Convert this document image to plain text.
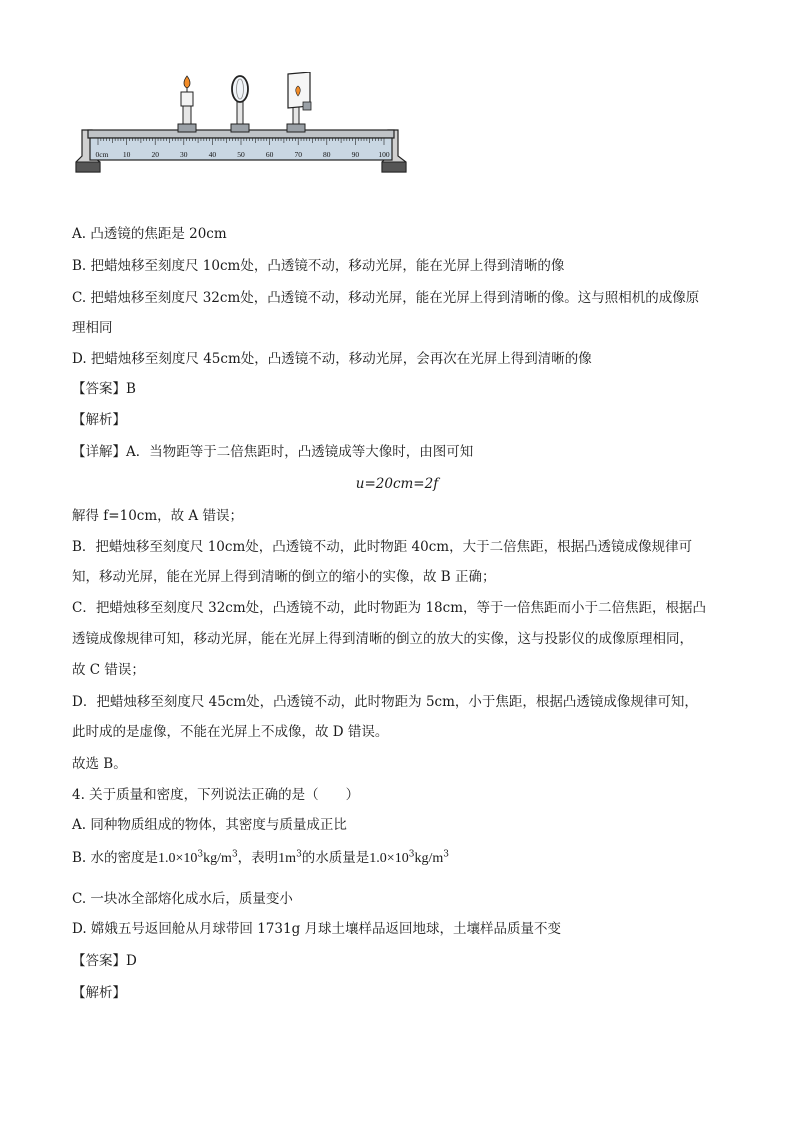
0cm 10	20	30	40	50	60	70	80	90	100
A. 凸透镜的焦距是 20cm
B. 把蜡烛移至刻度尺 10cm处，凸透镜不动，移动光屏，能在光屏上得到清晰的像
C. 把蜡烛移至刻度尺 32cm处，凸透镜不动，移动光屏，能在光屏上得到清晰的像。这与照相机的成像原
理相同
D. 把蜡烛移至刻度尺 45cm处，凸透镜不动，移动光屏，会再次在光屏上得到清晰的像
【答案】B
【解析】
【详解】A．当物距等于二倍焦距时，凸透镜成等大像时，由图可知
u=20cm=2f
解得 f=10cm，故 A 错误；
B．把蜡烛移至刻度尺 10cm处，凸透镜不动，此时物距 40cm，大于二倍焦距，根据凸透镜成像规律可
知，移动光屏，能在光屏上得到清晰的倒立的缩小的实像，故 B 正确；
C．把蜡烛移至刻度尺 32cm处，凸透镜不动，此时物距为 18cm，等于一倍焦距而小于二倍焦距，根据凸
透镜成像规律可知，移动光屏，能在光屏上得到清晰的倒立的放大的实像，这与投影仪的成像原理相同，
故 C 错误；
D．把蜡烛移至刻度尺 45cm处，凸透镜不动，此时物距为 5cm，小于焦距，根据凸透镜成像规律可知，
此时成的是虚像，不能在光屏上不成像，故 D 错误。
故选 B。
4. 关于质量和密度，下列说法正确的是（　　）
A. 同种物质组成的物体，其密度与质量成正比
B. 水的密度是$1.0\times 10^3kg/m^3$，表明$1m^3$的水质量是$1.0\times 10^3kg/m^3$
C. 一块冰全部熔化成水后，质量变小
D. 嫦娥五号返回舱从月球带回 1731g 月球土壤样品返回地球，土壤样品质量不变
【答案】D
【解析】
